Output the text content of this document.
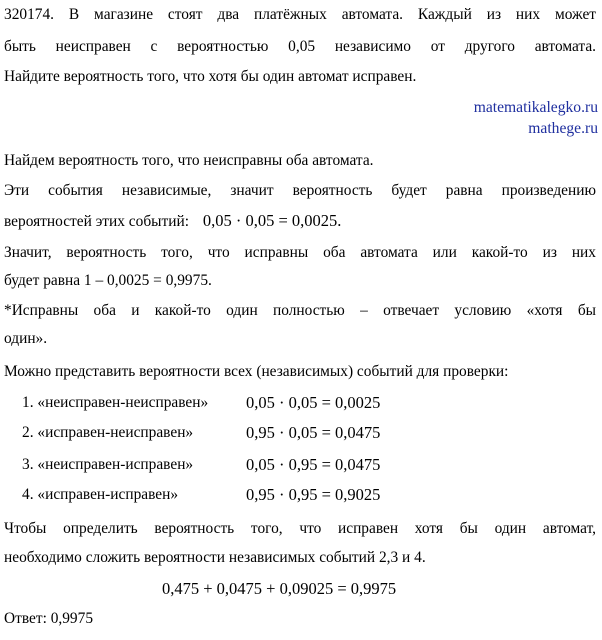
320174. В магазине стоят два платёжных автомата. Каждый из них может
быть неисправен с вероятностью 0,05 независимо от другого автомата.
Найдите вероятность того, что хотя бы один автомат исправен.
matematikalegko.ru
mathege.ru
Найдем вероятность того, что неисправны оба автомата.
Эти события независимые, значит вероятность будет равна произведению
вероятностей этих событий: 0,05 · 0,05 = 0,0025.
Значит, вероятность того, что исправны оба автомата или какой-то из них
будет равна 1 – 0,0025 = 0,9975.
*Исправны оба и какой-то один полностью – отвечает условию «хотя бы
один».
Можно представить вероятности всех (независимых) событий для проверки:
1. «неисправен-неисправен» 0,05 · 0,05 = 0,0025
2. «исправен-неисправен»	0,95 · 0,05 = 0,0475
3. «неисправен-исправен»	0,05 · 0,95 = 0,0475
4. «исправен-исправен»	0,95 · 0,95 = 0,9025
Чтобы определить вероятность того, что исправен хотя бы один автомат,
необходимо сложить вероятности независимых событий 2,3 и 4.
0,475 + 0,0475 + 0,09025 = 0,9975
Ответ: 0,9975
